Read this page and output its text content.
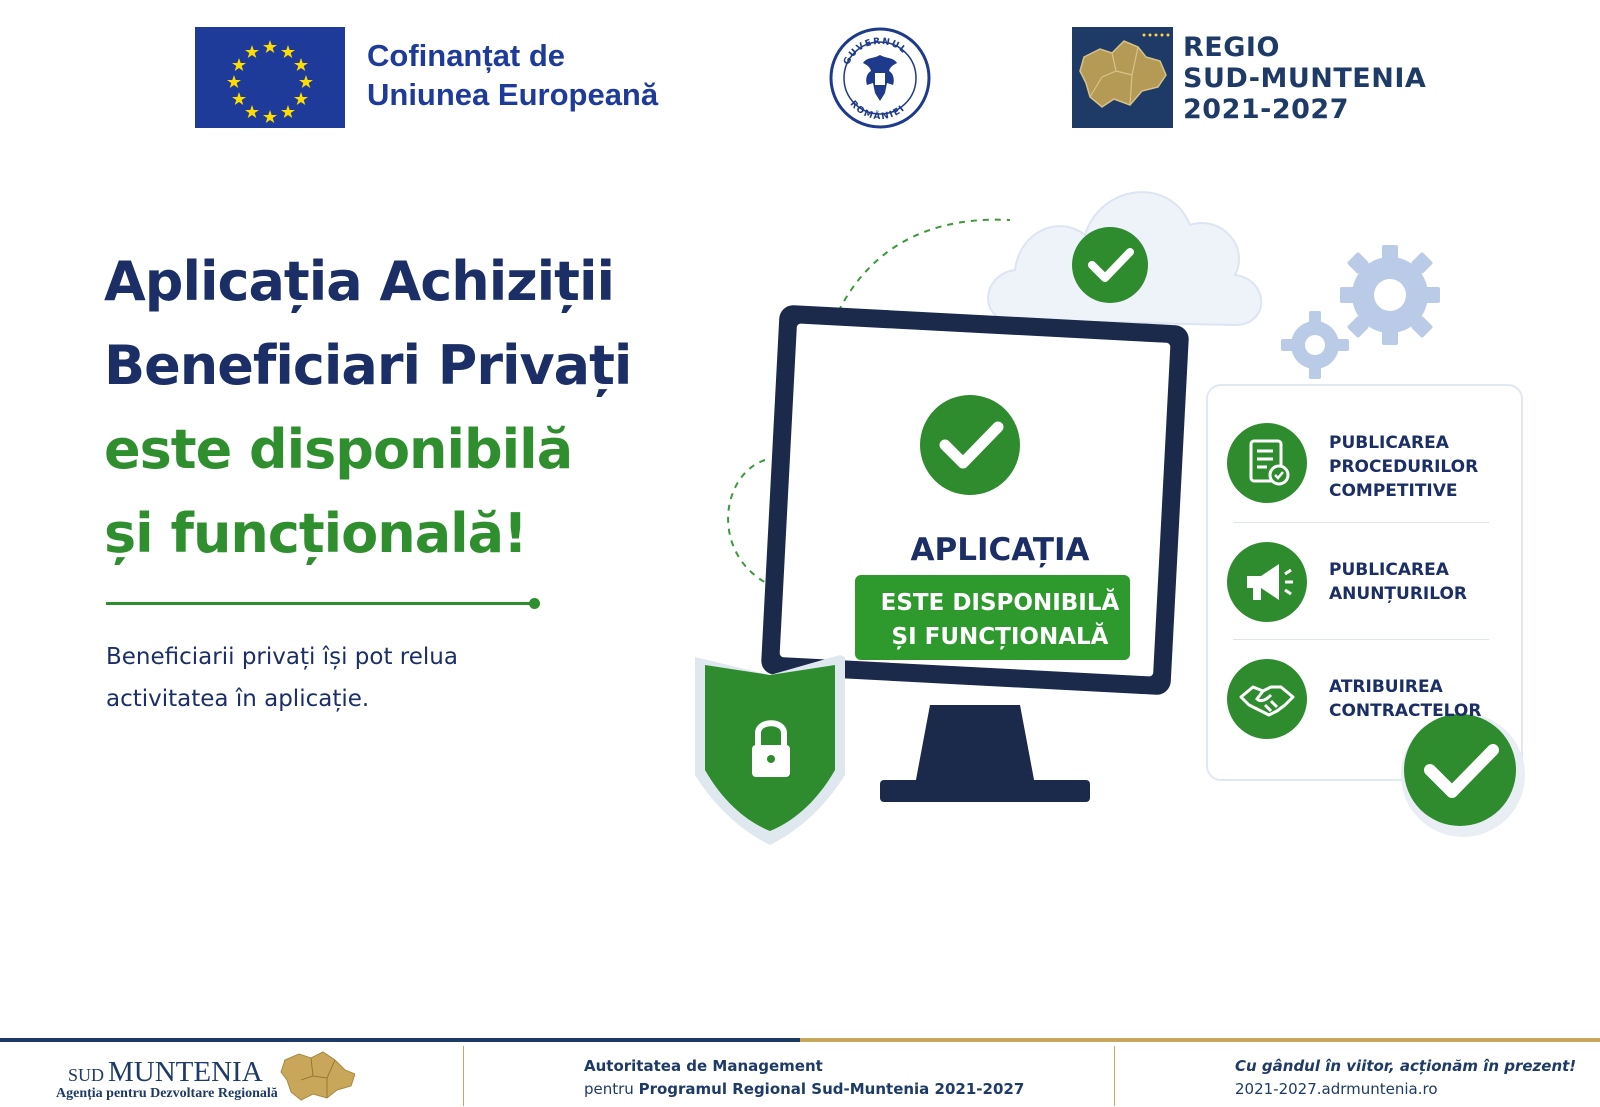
Cofinanțat de
Uniunea Europeană
GUVERNUL
ROMÂNIEI
REGIO
SUD-MUNTENIA
2021-2027
Aplicația Achiziții
Beneficiari Privați
este disponibilă
și funcțională!
Beneficiarii privați își pot relua
activitatea în aplicație.
APLICAȚIA
ESTE DISPONIBILĂ
ȘI FUNCȚIONALĂ
PUBLICAREA
PROCEDURILOR
COMPETITIVE
PUBLICAREA
ANUNȚURILOR
ATRIBUIREA
CONTRACTELOR
SUD MUNTENIA
Agenția pentru Dezvoltare Regională
Autoritatea de Management
pentru Programul Regional Sud-Muntenia 2021-2027
Cu gândul în viitor, acționăm în prezent!
2021-2027.adrmuntenia.ro
